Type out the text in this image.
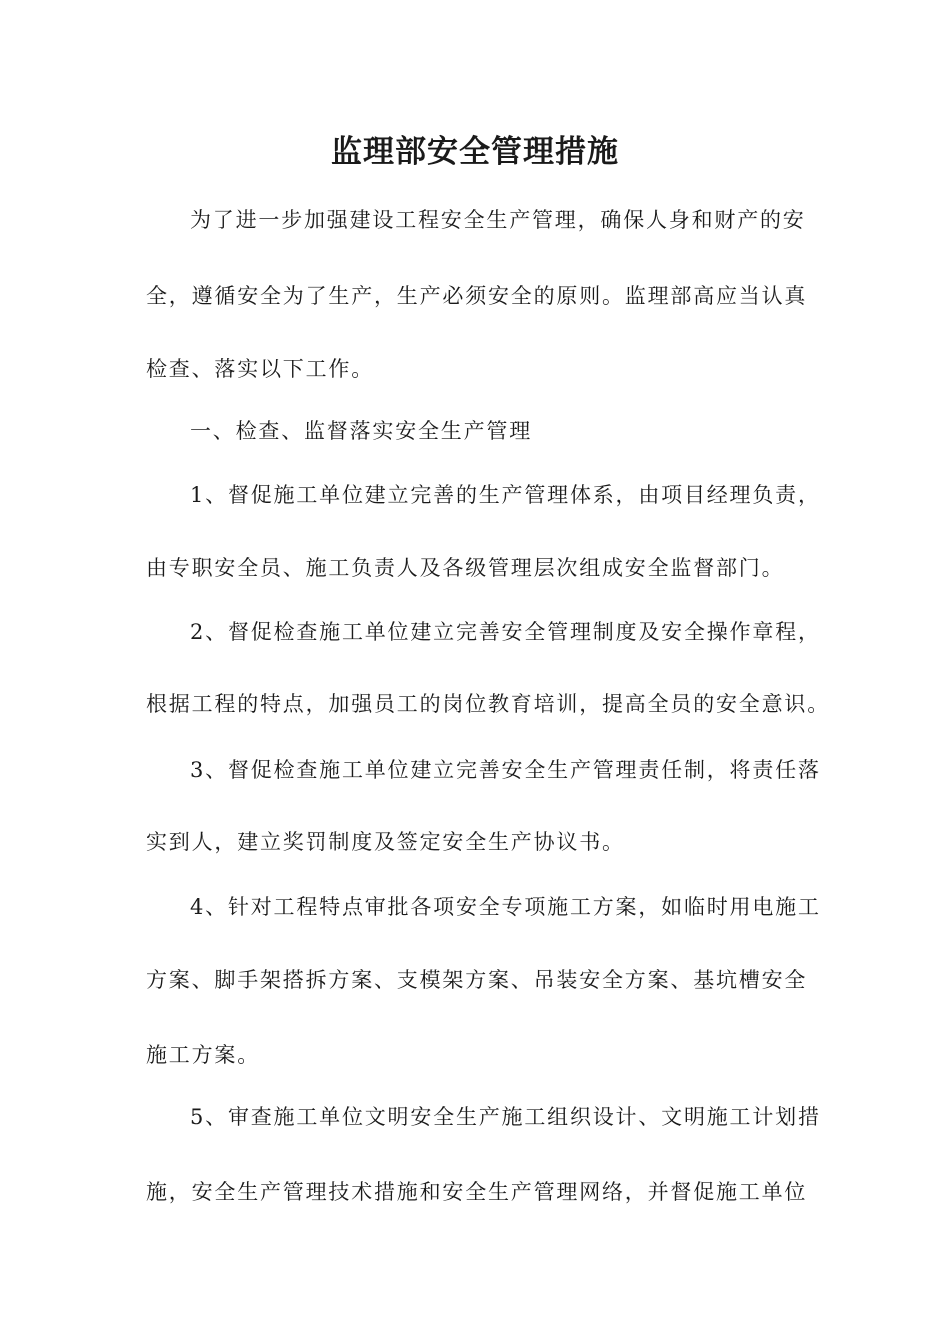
监理部安全管理措施
为了进一步加强建设工程安全生产管理，确保人身和财产的安
全，遵循安全为了生产，生产必须安全的原则。监理部高应当认真
检查、落实以下工作。
一、检查、监督落实安全生产管理
1、督促施工单位建立完善的生产管理体系，由项目经理负责，
由专职安全员、施工负责人及各级管理层次组成安全监督部门。
2、督促检查施工单位建立完善安全管理制度及安全操作章程，
根据工程的特点，加强员工的岗位教育培训，提高全员的安全意识。
3、督促检查施工单位建立完善安全生产管理责任制，将责任落
实到人，建立奖罚制度及签定安全生产协议书。
4、针对工程特点审批各项安全专项施工方案，如临时用电施工
方案、脚手架搭拆方案、支模架方案、吊装安全方案、基坑槽安全
施工方案。
5、审查施工单位文明安全生产施工组织设计、文明施工计划措
施，安全生产管理技术措施和安全生产管理网络，并督促施工单位
